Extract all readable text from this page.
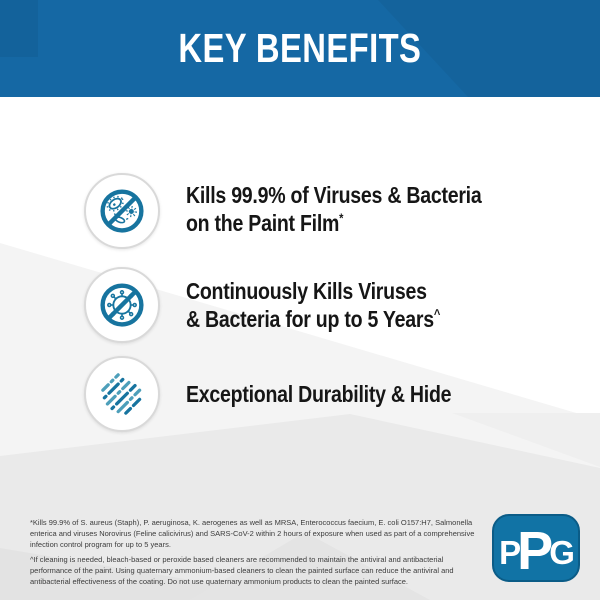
KEY BENEFITS
Kills 99.9% of Viruses & Bacteria
on the Paint Film*
Continuously Kills Viruses
& Bacteria for up to 5 Years^
Exceptional Durability & Hide

*Kills 99.9% of S. aureus (Staph), P. aeruginosa, K. aerogenes as well as MRSA, Enterococcus faecium, E. coli O157:H7, Salmonella enterica and viruses Norovirus (Feline calicivirus) and SARS-CoV-2 within 2 hours of exposure when used as part of a comprehensive infection control program for up to 5 years.

^If cleaning is needed, bleach-based or peroxide based cleaners are recommended to maintain the antiviral and antibacterial performance of the paint. Using quaternary ammonium-based cleaners to clean the painted surface can reduce the antiviral and antibacterial effectiveness of the coating. Do not use quaternary ammonium products to clean the painted surface.

P
P
G
